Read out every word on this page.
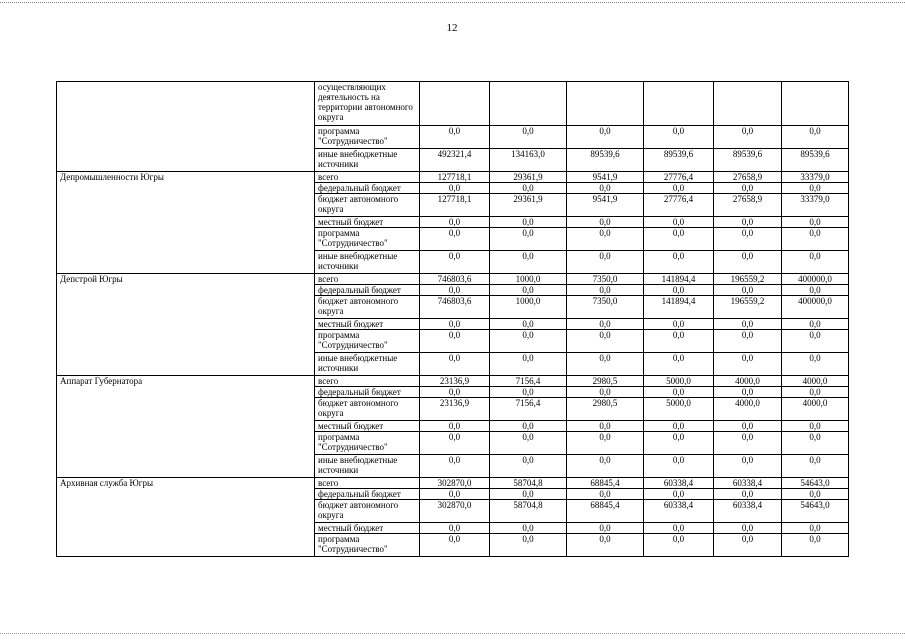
12
	осуществляющих деятельность на территории автономного округа						
	программа "Сотрудничество"	0,0	0,0	0,0	0,0	0,0	0,0
	иные внебюджетные источники	492321,4	134163,0	89539,6	89539,6	89539,6	89539,6
Депромышленности Югры	всего	127718,1	29361,9	9541,9	27776,4	27658,9	33379,0
	федеральный бюджет	0,0	0,0	0,0	0,0	0,0	0,0
	бюджет автономного округа	127718,1	29361,9	9541,9	27776,4	27658,9	33379,0
	местный бюджет	0,0	0,0	0,0	0,0	0,0	0,0
	программа "Сотрудничество"	0,0	0,0	0,0	0,0	0,0	0,0
	иные внебюджетные источники	0,0	0,0	0,0	0,0	0,0	0,0
Депстрой Югры	всего	746803,6	1000,0	7350,0	141894,4	196559,2	400000,0
	федеральный бюджет	0,0	0,0	0,0	0,0	0,0	0,0
	бюджет автономного округа	746803,6	1000,0	7350,0	141894,4	196559,2	400000,0
	местный бюджет	0,0	0,0	0,0	0,0	0,0	0,0
	программа "Сотрудничество"	0,0	0,0	0,0	0,0	0,0	0,0
	иные внебюджетные источники	0,0	0,0	0,0	0,0	0,0	0,0
Аппарат Губернатора	всего	23136,9	7156,4	2980,5	5000,0	4000,0	4000,0
	федеральный бюджет	0,0	0,0	0,0	0,0	0,0	0,0
	бюджет автономного округа	23136,9	7156,4	2980,5	5000,0	4000,0	4000,0
	местный бюджет	0,0	0,0	0,0	0,0	0,0	0,0
	программа "Сотрудничество"	0,0	0,0	0,0	0,0	0,0	0,0
	иные внебюджетные источники	0,0	0,0	0,0	0,0	0,0	0,0
Архивная служба Югры	всего	302870,0	58704,8	68845,4	60338,4	60338,4	54643,0
	федеральный бюджет	0,0	0,0	0,0	0,0	0,0	0,0
	бюджет автономного округа	302870,0	58704,8	68845,4	60338,4	60338,4	54643,0
	местный бюджет	0,0	0,0	0,0	0,0	0,0	0,0
	программа "Сотрудничество"	0,0	0,0	0,0	0,0	0,0	0,0
